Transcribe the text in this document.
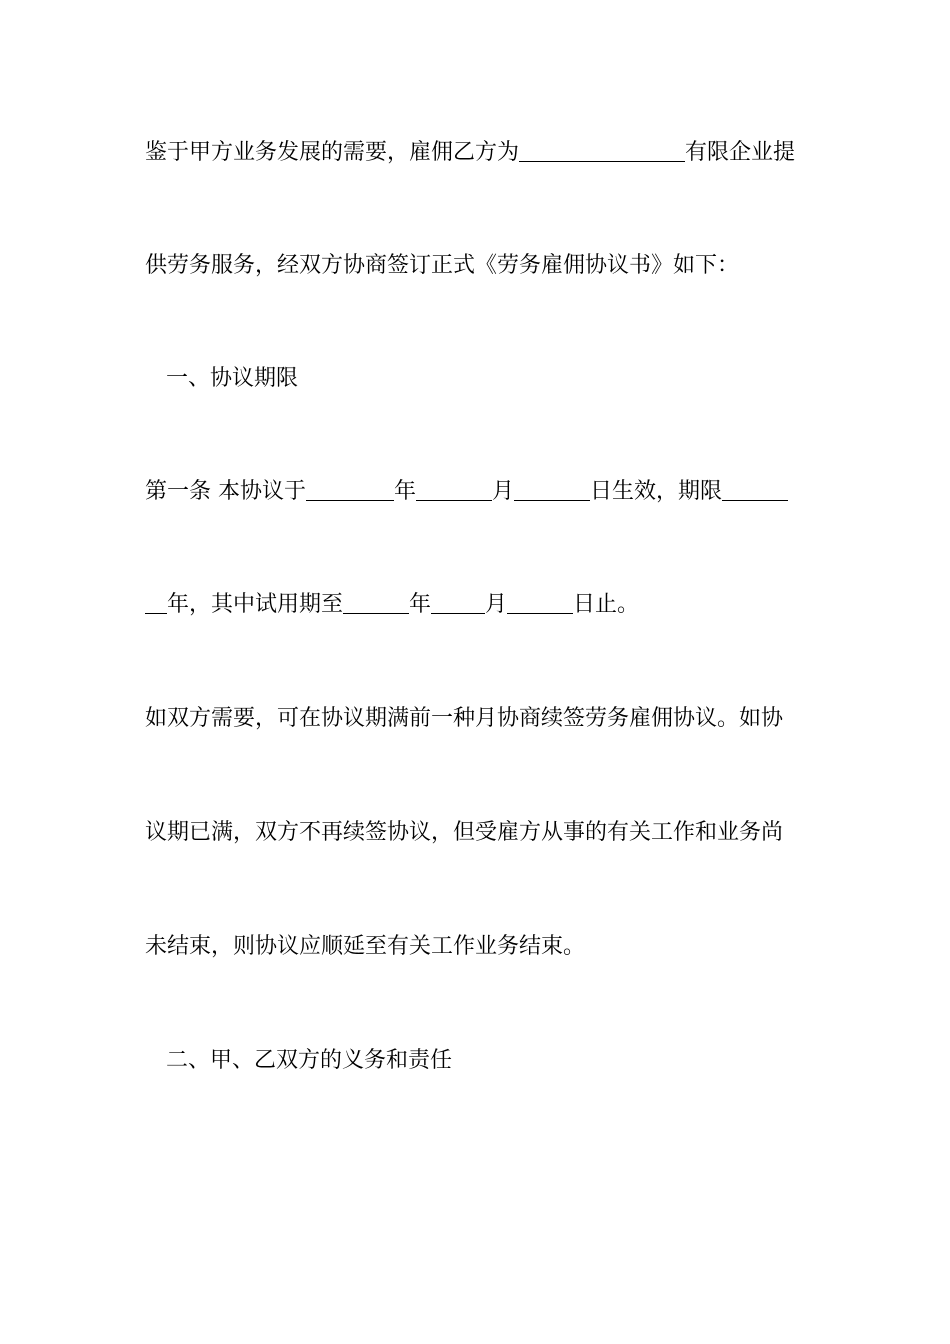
鉴于甲方业务发展的需要，雇佣乙方为	有限企业提
供劳务服务，经双方协商签订正式《劳务雇佣协议书》如下：
一、协议期限
第一条 本协议于	年	月	日生效，期限
年，其中试用期至	年 月	日止。
如双方需要，可在协议期满前一种月协商续签劳务雇佣协议。如协
议期已满，双方不再续签协议，但受雇方从事的有关工作和业务尚
未结束，则协议应顺延至有关工作业务结束。
二、甲、乙双方的义务和责任
